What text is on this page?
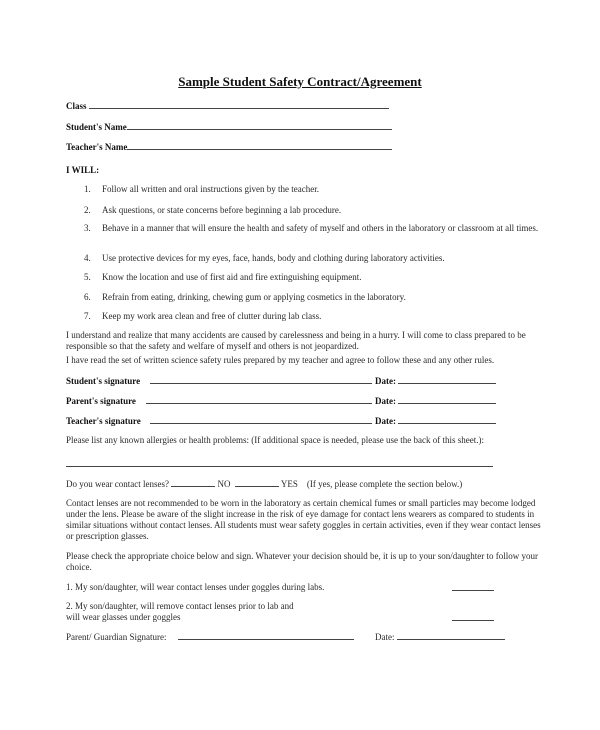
Sample Student Safety Contract/Agreement
Class
Student's Name
Teacher's Name
I WILL:
1. Follow all written and oral instructions given by the teacher.
2. Ask questions, or state concerns before beginning a lab procedure.
3.	Behave in a manner that will ensure the health and safety of myself and others in the laboratory or classroom at all times.
4. Use protective devices for my eyes, face, hands, body and clothing during laboratory activities.
5. Know the location and use of first aid and fire extinguishing equipment.
6. Refrain from eating, drinking, chewing gum or applying cosmetics in the laboratory.
7. Keep my work area clean and free of clutter during lab class.
I understand and realize that many accidents are caused by carelessness and being in a hurry. I will come to class prepared to be responsible so that the safety and welfare of myself and others is not jeopardized.
I have read the set of written science safety rules prepared by my teacher and agree to follow these and any other rules.
Student's signature	Date:
Parent's signature	Date:
Teacher's signature	Date:
Please list any known allergies or health problems: (If additional space is needed, please use the back of this sheet.):
Do you wear contact lenses?	NO	YES (If yes, please complete the section below.)
Contact lenses are not recommended to be worn in the laboratory as certain chemical fumes or small particles may become lodged under the lens. Please be aware of the slight increase in the risk of eye damage for contact lens wearers as compared to students in similar situations without contact lenses. All students must wear safety goggles in certain activities, even if they wear contact lenses or prescription glasses.
Please check the appropriate choice below and sign. Whatever your decision should be, it is up to your son/daughter to follow your choice.
1. My son/daughter, will wear contact lenses under goggles during labs.
2. My son/daughter, will remove contact lenses prior to lab and will wear glasses under goggles
Parent/ Guardian Signature:	Date:
